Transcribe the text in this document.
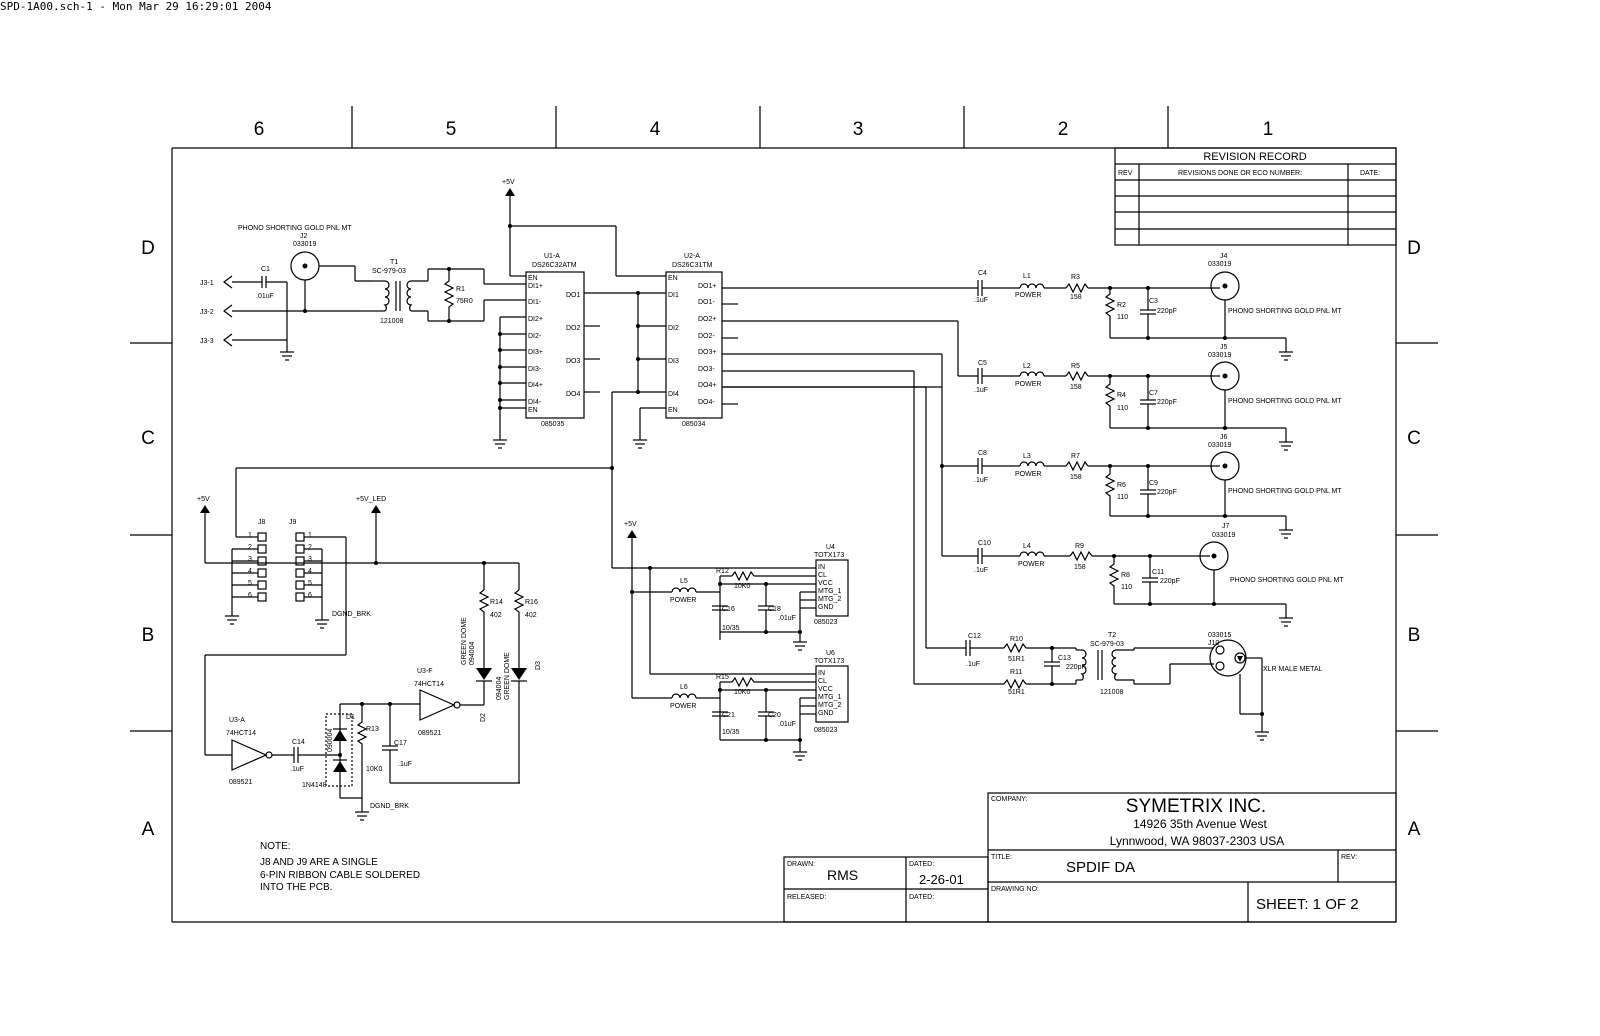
SPD-1A00.sch-1 - Mon Mar 29 16:29:01 2004
6	5	4	3	2	1
D
C
B
A
D
C
B
A
REVISION RECORD
REV	REVISIONS DONE OR ECO NUMBER:	DATE:
COMPANY:	SYMETRIX INC.
14926 35th Avenue West
Lynnwood, WA 98037-2303 USA
TITLE:
SPDIF DA
REV:
DRAWING NO:
SHEET: 1 OF 2
DRAWN:
RMS
DATED:
2-26-01
RELEASED:	DATED:
NOTE:
J8 AND J9 ARE A SINGLE
6-PIN RIBBON CABLE SOLDERED
INTO THE PCB.
PHONO SHORTING GOLD PNL MT
J2
033019
J3-1
J3-2
J3-3
C1
.01uF
T1
SC-979-03
121008
R1
75R0
+5V
U1-A
DS26C32ATM
085035
EN
DI1+
DI1-
DI2+
DI2-
DI3+
DI3-
DI4+
DI4-
EN
DO1
DO2
DO3
DO4
U2-A
DS26C31TM
085034
EN
DI1
DI2
DI3
DI4
EN
DO1+
DO1-
DO2+
DO2-
DO3+
DO3-
DO4+
DO4-
C4
.1uF
L1
POWER
R3
158
R2
110
C3
220pF
J4
033019
PHONO SHORTING GOLD PNL MT
C5
.1uF
L2
POWER
R5
158
R4
110
C7
220pF
J5
033019
PHONO SHORTING GOLD PNL MT
C8
.1uF
L3
POWER
R7
158
R6
110
C9
220pF
J6
033019
PHONO SHORTING GOLD PNL MT
C10
.1uF
L4
POWER
R9
158
R8
110
C11
220pF
J7
033019
PHONO SHORTING GOLD PNL MT
C12
.1uF
R10
51R1
R11
51R1
C13
220pF
T2
SC-979-03
121008
J10
033015
XLR MALE METAL
+5V
U4
TOTX173
IN
CL
VCC
MTG_1
MTG_2
GND
085023
L5
POWER
R12
10K0
C16
10/35
C18
.01uF
U6
TOTX173
IN
CL
VCC
MTG_1
MTG_2
GND
085023
L6
POWER
R15
10K0
C21
10/35
C20
.01uF
+5V	+5V_LED
J8	J9
1
2
3
4
5
6
1
2
3
4
5
6
DGND_BRK
U3-A
74HCT14
089521
C14
.1uF
D1
1N4148
090004	R13
10K0
C17
.1uF
DGND_BRK
U3-F
74HCT14
089521
R14
402
GREEN DOME 094004
D2
R16
402
094004 GREEN DOME	D3
